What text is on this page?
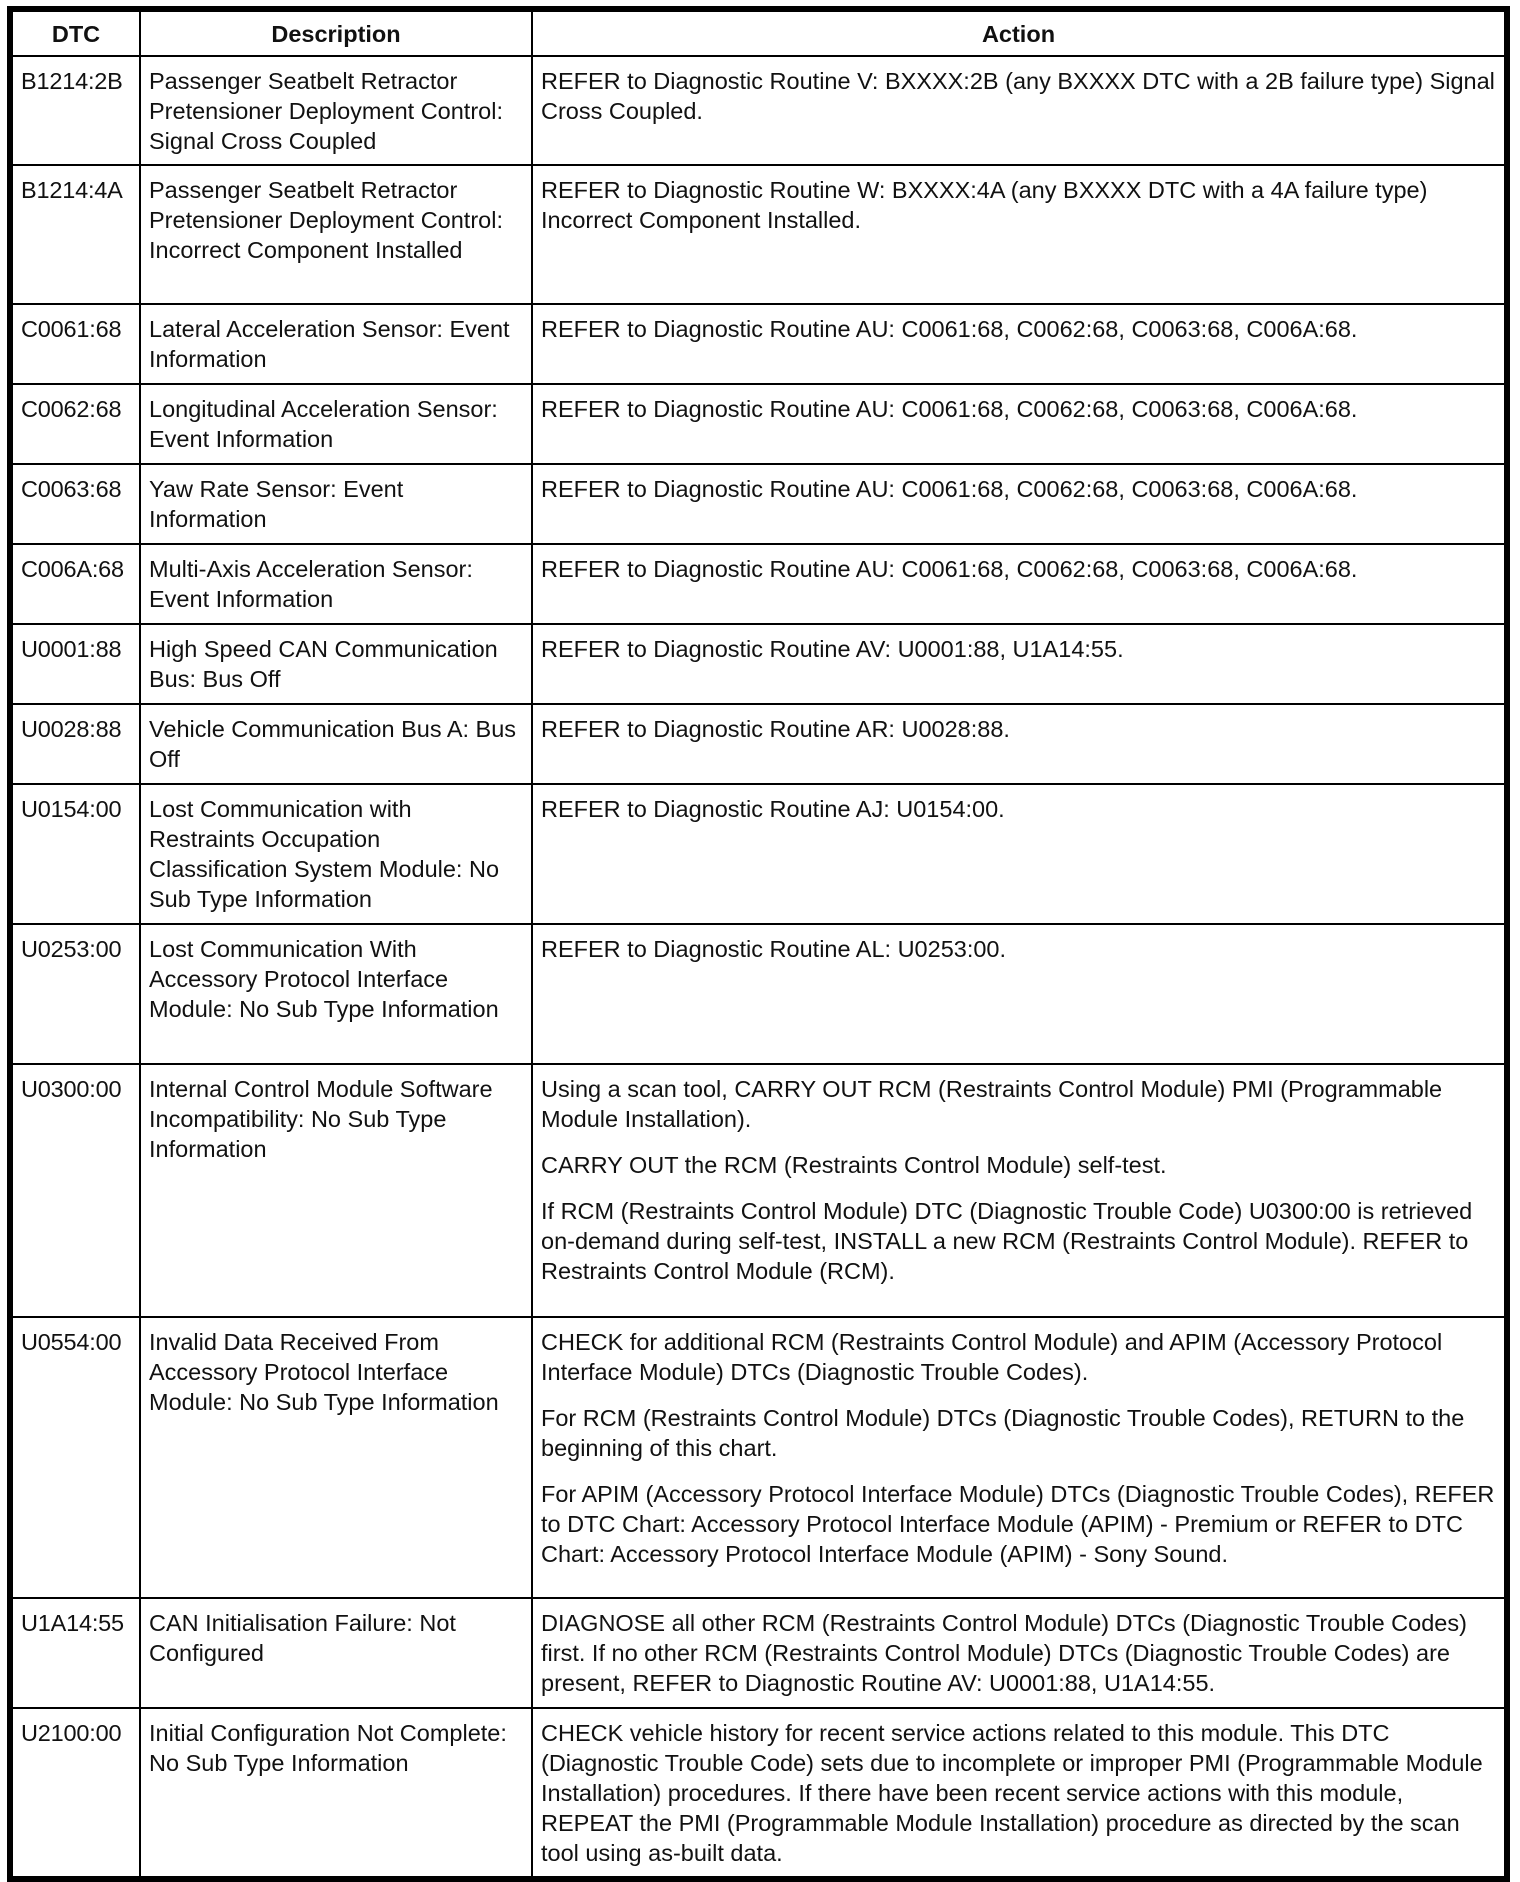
DTC	Description	Action
B1214:2B	Passenger Seatbelt Retractor Pretensioner Deployment Control: Signal Cross Coupled	REFER to Diagnostic Routine V: BXXXX:2B (any BXXXX DTC with a 2B failure type) Signal Cross Coupled.

B1214:4A	Passenger Seatbelt Retractor Pretensioner Deployment Control: Incorrect Component Installed	REFER to Diagnostic Routine W: BXXXX:4A (any BXXXX DTC with a 4A failure type) Incorrect Component Installed.

C0061:68	Lateral Acceleration Sensor: Event Information	REFER to Diagnostic Routine AU: C0061:68, C0062:68, C0063:68, C006A:68.

C0062:68	Longitudinal Acceleration Sensor: Event Information	REFER to Diagnostic Routine AU: C0061:68, C0062:68, C0063:68, C006A:68.

C0063:68	Yaw Rate Sensor: Event Information	REFER to Diagnostic Routine AU: C0061:68, C0062:68, C0063:68, C006A:68.

C006A:68	Multi-Axis Acceleration Sensor: Event Information	REFER to Diagnostic Routine AU: C0061:68, C0062:68, C0063:68, C006A:68.

U0001:88	High Speed CAN Communication Bus: Bus Off	REFER to Diagnostic Routine AV: U0001:88, U1A14:55.

U0028:88	Vehicle Communication Bus A: Bus Off	REFER to Diagnostic Routine AR: U0028:88.

U0154:00	Lost Communication with Restraints Occupation Classification System Module: No Sub Type Information	REFER to Diagnostic Routine AJ: U0154:00.

U0253:00	Lost Communication With Accessory Protocol Interface Module: No Sub Type Information	REFER to Diagnostic Routine AL: U0253:00.

U0300:00	Internal Control Module Software Incompatibility: No Sub Type Information	Using a scan tool, CARRY OUT RCM (Restraints Control Module) PMI (Programmable Module Installation).

CARRY OUT the RCM (Restraints Control Module) self-test.

If RCM (Restraints Control Module) DTC (Diagnostic Trouble Code) U0300:00 is retrieved on-demand during self-test, INSTALL a new RCM (Restraints Control Module). REFER to Restraints Control Module (RCM).

U0554:00	Invalid Data Received From Accessory Protocol Interface Module: No Sub Type Information	CHECK for additional RCM (Restraints Control Module) and APIM (Accessory Protocol Interface Module) DTCs (Diagnostic Trouble Codes).

For RCM (Restraints Control Module) DTCs (Diagnostic Trouble Codes), RETURN to the beginning of this chart.

For APIM (Accessory Protocol Interface Module) DTCs (Diagnostic Trouble Codes), REFER to DTC Chart: Accessory Protocol Interface Module (APIM) - Premium or REFER to DTC Chart: Accessory Protocol Interface Module (APIM) - Sony Sound.

U1A14:55	CAN Initialisation Failure: Not Configured	DIAGNOSE all other RCM (Restraints Control Module) DTCs (Diagnostic Trouble Codes) first. If no other RCM (Restraints Control Module) DTCs (Diagnostic Trouble Codes) are present, REFER to Diagnostic Routine AV: U0001:88, U1A14:55.

U2100:00	Initial Configuration Not Complete: No Sub Type Information	CHECK vehicle history for recent service actions related to this module. This DTC (Diagnostic Trouble Code) sets due to incomplete or improper PMI (Programmable Module Installation) procedures. If there have been recent service actions with this module, REPEAT the PMI (Programmable Module Installation) procedure as directed by the scan tool using as-built data.
